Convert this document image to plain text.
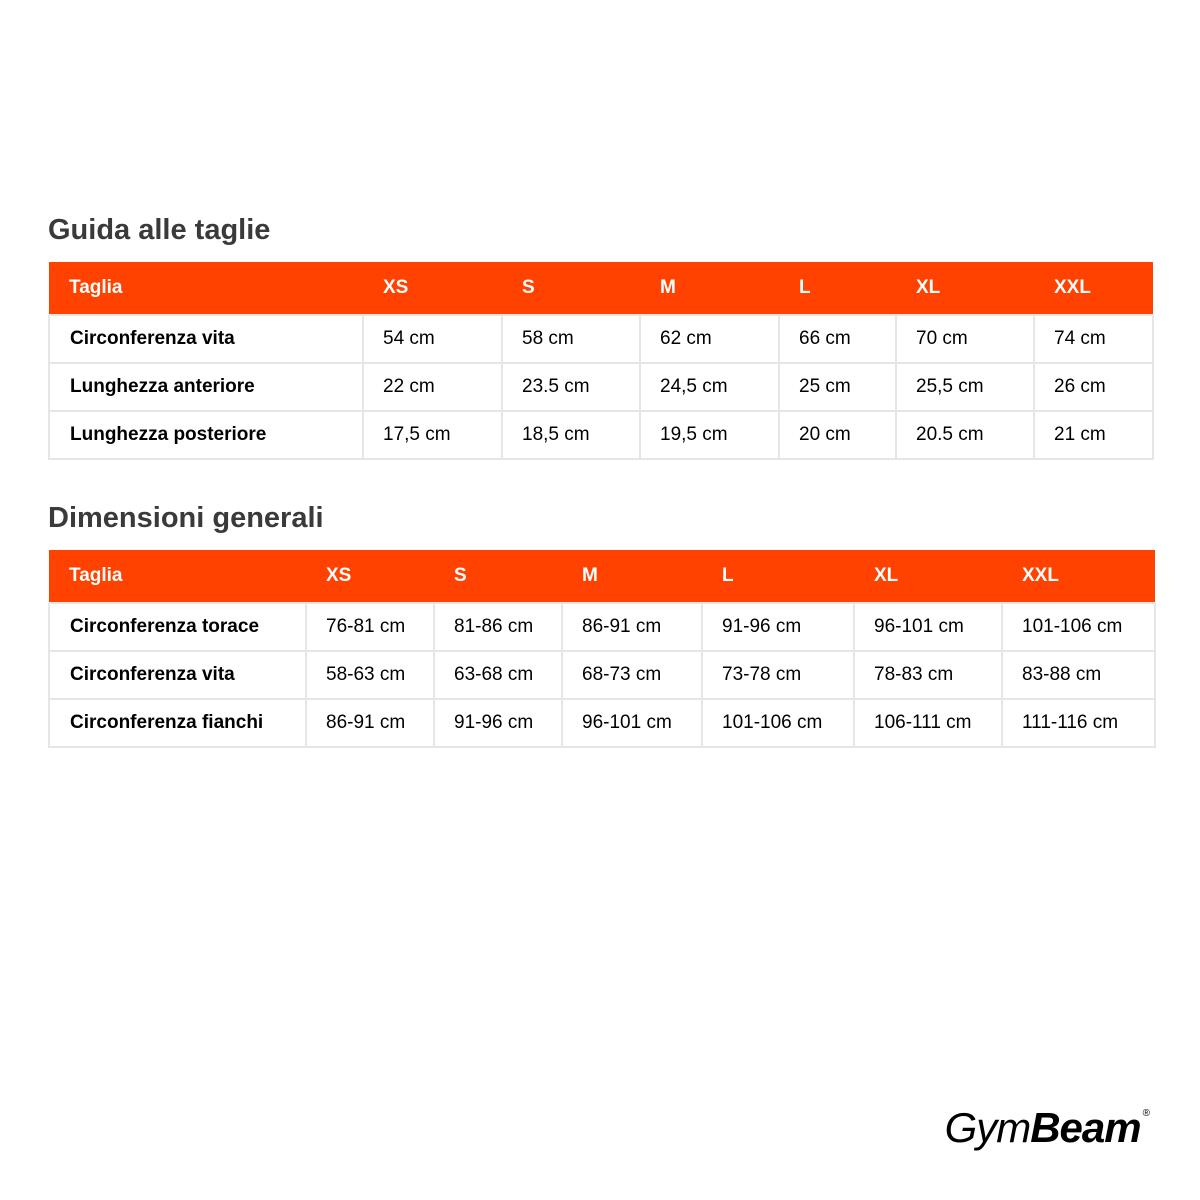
Guida alle taglie
Taglia	XS	S	M	L	XL	XXL
Circonferenza vita	54 cm	58 cm	62 cm	66 cm	70 cm	74 cm
Lunghezza anteriore	22 cm	23.5 cm	24,5 cm	25 cm	25,5 cm	26 cm
Lunghezza posteriore	17,5 cm	18,5 cm	19,5 cm	20 cm	20.5 cm	21 cm
Dimensioni generali
Taglia	XS	S	M	L	XL	XXL
Circonferenza torace	76-81 cm	81-86 cm	86-91 cm	91-96 cm	96-101 cm	101-106 cm
Circonferenza vita	58-63 cm	63-68 cm	68-73 cm	73-78 cm	78-83 cm	83-88 cm
Circonferenza fianchi	86-91 cm	91-96 cm	96-101 cm	101-106 cm	106-111 cm	111-116 cm
GymBeam ®
